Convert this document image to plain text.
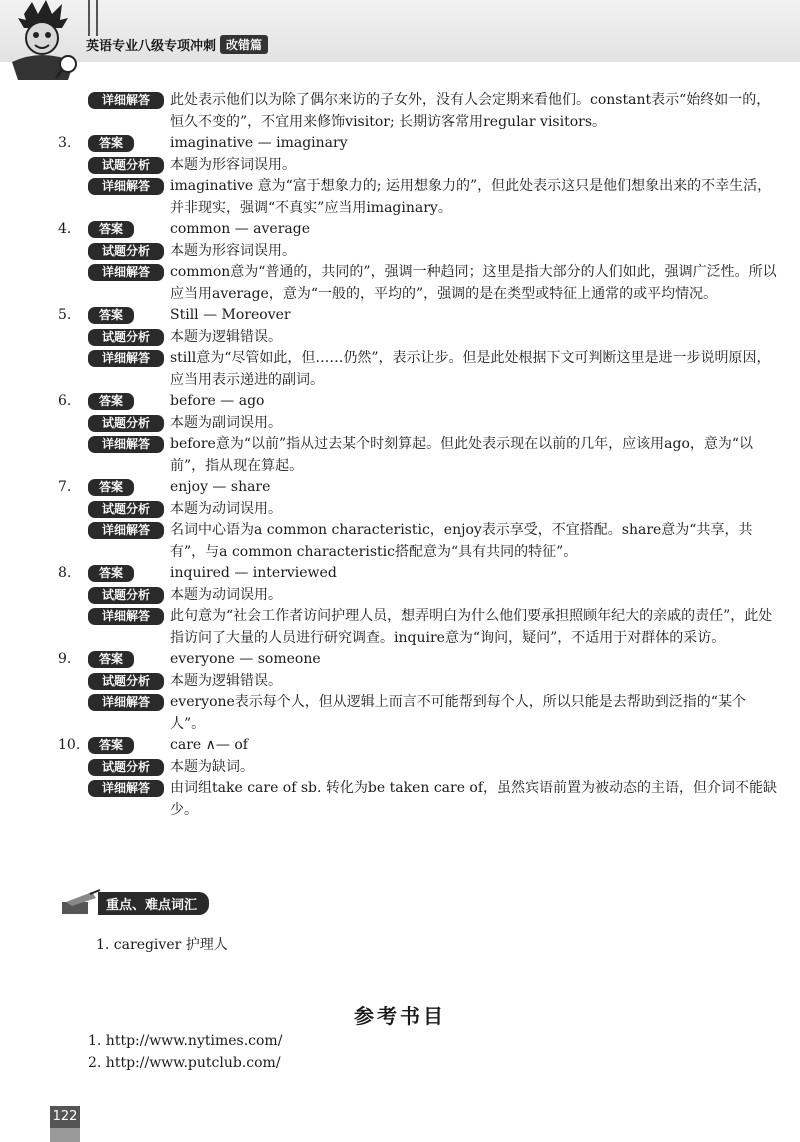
英语专业八级专项冲刺 改错篇
详细解答	此处表示他们以为除了偶尔来访的子女外，没有人会定期来看他们。constant表示“始终如一的，恒久不变的”，不宜用来修饰visitor; 长期访客常用regular visitors。
3.	答案	imaginative — imaginary
试题分析	本题为形容词误用。
详细解答	imaginative 意为“富于想象力的; 运用想象力的”，但此处表示这只是他们想象出来的不幸生活，并非现实，强调“不真实”应当用imaginary。
4.	答案	common — average
试题分析	本题为形容词误用。
详细解答	common意为“普通的，共同的”，强调一种趋同；这里是指大部分的人们如此，强调广泛性。所以应当用average，意为“一般的，平均的”，强调的是在类型或特征上通常的或平均情况。
5.	答案	Still — Moreover
试题分析	本题为逻辑错误。
详细解答	still意为“尽管如此，但……仍然”，表示让步。但是此处根据下文可判断这里是进一步说明原因，应当用表示递进的副词。
6.	答案	before — ago
试题分析	本题为副词误用。
详细解答	before意为“以前”指从过去某个时刻算起。但此处表示现在以前的几年，应该用ago，意为“以前”，指从现在算起。
7.	答案	enjoy — share
试题分析	本题为动词误用。
详细解答	名词中心语为a common characteristic，enjoy表示享受，不宜搭配。share意为“共享，共有”，与a common characteristic搭配意为“具有共同的特征”。
8.	答案	inquired — interviewed
试题分析	本题为动词误用。
详细解答	此句意为“社会工作者访问护理人员，想弄明白为什么他们要承担照顾年纪大的亲戚的责任”，此处指访问了大量的人员进行研究调查。inquire意为“询问，疑问”，不适用于对群体的采访。
9.	答案	everyone — someone
试题分析	本题为逻辑错误。
详细解答	everyone表示每个人，但从逻辑上而言不可能帮到每个人，所以只能是去帮助到泛指的“某个人”。
10.	答案	care ∧— of
试题分析	本题为缺词。
详细解答	由词组take care of sb. 转化为be taken care of，虽然宾语前置为被动态的主语，但介词不能缺少。
重点、难点词汇
1. caregiver 护理人
参考书目
1. http://www.nytimes.com/
2. http://www.putclub.com/
122
